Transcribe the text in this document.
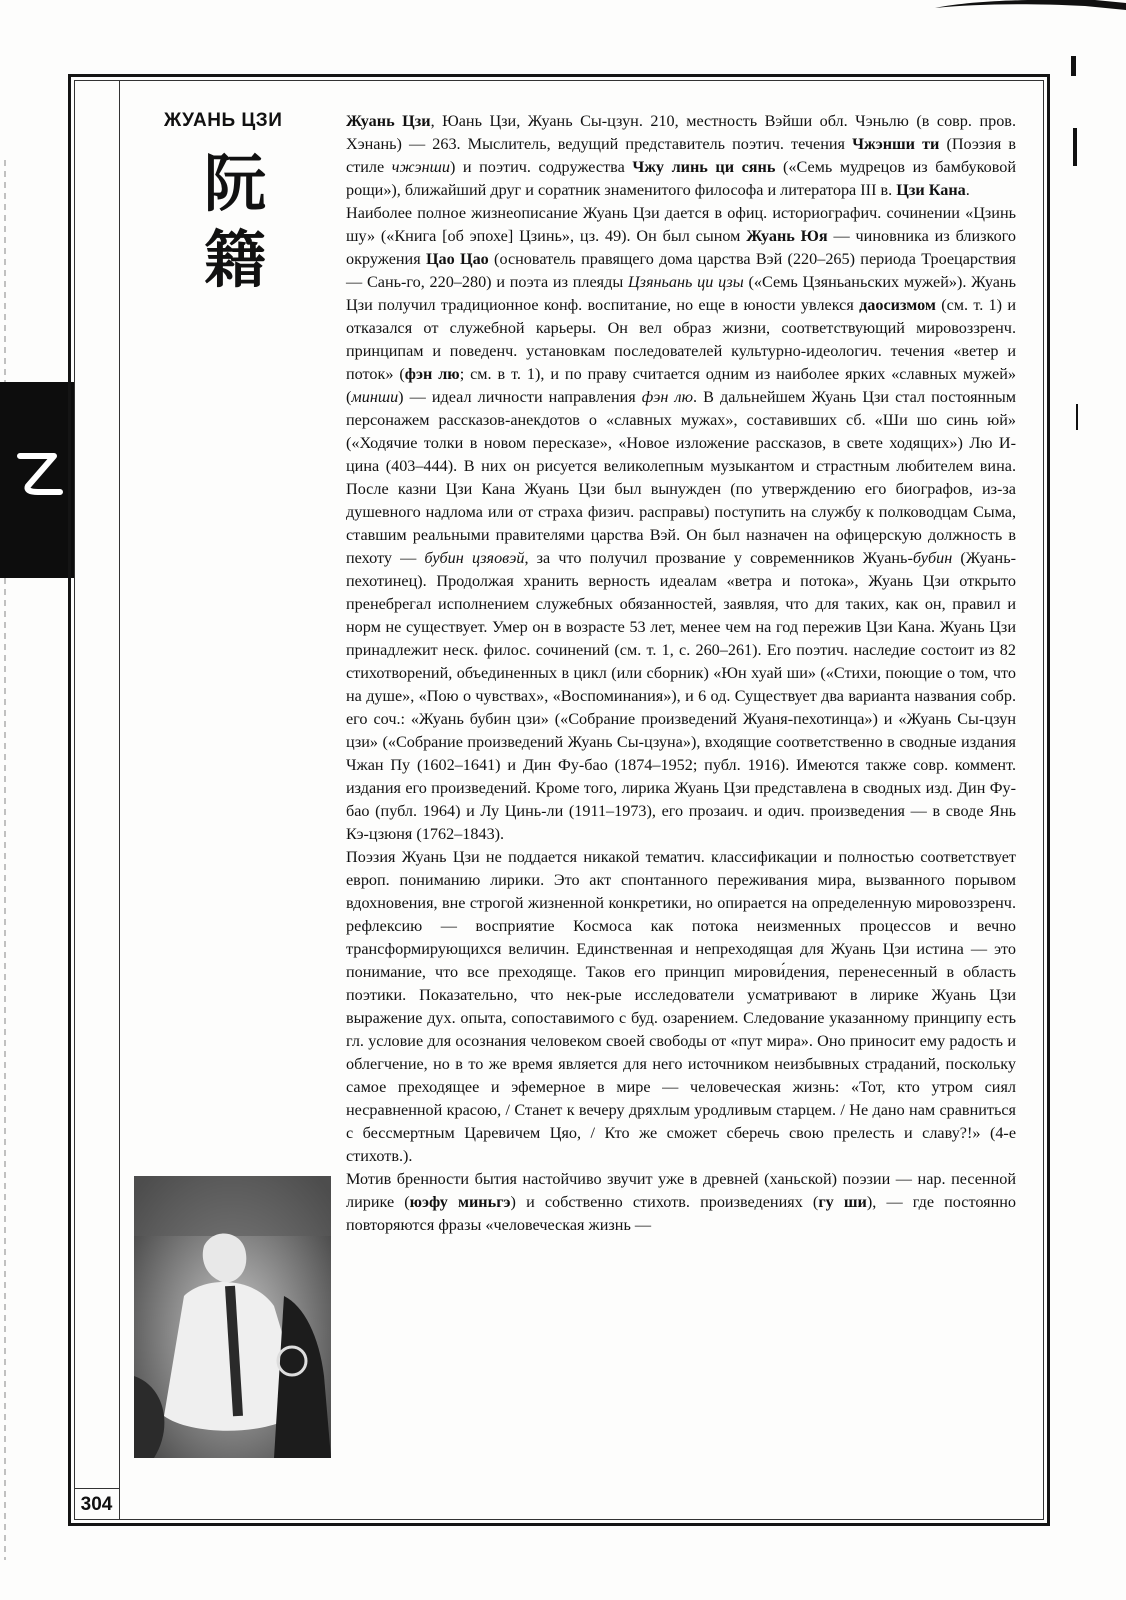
304
ЖУАНЬ ЦЗИ
阮
籍

Жуань Цзи, Юань Цзи, Жуань Сы-цзун. 210, местность Вэйши обл. Чэньлю (в совр. пров. Хэнань) — 263. Мыслитель, ведущий представитель поэтич. течения Чжэнши ти (Поэзия в стиле чжэнши) и поэтич. содружества Чжу линь ци сянь («Семь мудрецов из бамбуковой рощи»), ближайший друг и соратник знаменитого философа и литератора III в. Цзи Кана.

Наиболее полное жизнеописание Жуань Цзи дается в офиц. историографич. сочинении «Цзинь шу» («Книга [об эпохе] Цзинь», цз. 49). Он был сыном Жуань Юя — чиновника из близкого окружения Цао Цао (основатель правящего дома царства Вэй (220–265) периода Троецарствия — Сань-го, 220–280) и поэта из плеяды Цзяньань ци цзы («Семь Цзяньаньских мужей»). Жуань Цзи получил традиционное конф. воспитание, но еще в юности увлекся даосизмом (см. т. 1) и отказался от служебной карьеры. Он вел образ жизни, соответствующий мировоззренч. принципам и поведенч. установкам последователей культурно-идеологич. течения «ветер и поток» (фэн лю; см. в т. 1), и по праву считается одним из наиболее ярких «славных мужей» (минши) — идеал личности направления фэн лю. В дальнейшем Жуань Цзи стал постоянным персонажем рассказов-анекдотов о «славных мужах», составивших сб. «Ши шо синь юй» («Ходячие толки в новом пересказе», «Новое изложение рассказов, в свете ходящих») Лю И-цина (403–444). В них он рисуется великолепным музыкантом и страстным любителем вина. После казни Цзи Кана Жуань Цзи был вынужден (по утверждению его биографов, из-за душевного надлома или от страха физич. расправы) поступить на службу к полководцам Сыма, ставшим реальными правителями царства Вэй. Он был назначен на офицерскую должность в пехоту — бубин цзяовэй, за что получил прозвание у современников Жуань-бубин (Жуань-пехотинец). Продолжая хранить верность идеалам «ветра и потока», Жуань Цзи открыто пренебрегал исполнением служебных обязанностей, заявляя, что для таких, как он, правил и норм не существует. Умер он в возрасте 53 лет, менее чем на год пережив Цзи Кана. Жуань Цзи принадлежит неск. филос. сочинений (см. т. 1, с. 260–261). Его поэтич. наследие состоит из 82 стихотворений, объединенных в цикл (или сборник) «Юн хуай ши» («Стихи, поющие о том, что на душе», «Пою о чувствах», «Воспоминания»), и 6 од. Существует два варианта названия собр. его соч.: «Жуань бубин цзи» («Собрание произведений Жуаня-пехотинца») и «Жуань Сы-цзун цзи» («Собрание произведений Жуань Сы-цзуна»), входящие соответственно в сводные издания Чжан Пу (1602–1641) и Дин Фу-бао (1874–1952; публ. 1916). Имеются также совр. коммент. издания его произведений. Кроме того, лирика Жуань Цзи представлена в сводных изд. Дин Фу-бао (публ. 1964) и Лу Цинь-ли (1911–1973), его прозаич. и одич. произведения — в своде Янь Кэ-цзюня (1762–1843).

Поэзия Жуань Цзи не поддается никакой тематич. классификации и полностью соответствует европ. пониманию лирики. Это акт спонтанного переживания мира, вызванного порывом вдохновения, вне строгой жизненной конкретики, но опирается на определенную мировоззренч. рефлексию — восприятие Космоса как потока неизменных процессов и вечно трансформирующихся величин. Единственная и непреходящая для Жуань Цзи истина — это понимание, что все преходяще. Таков его принцип мирови́дения, перенесенный в область поэтики. Показательно, что нек-рые исследователи усматривают в лирике Жуань Цзи выражение дух. опыта, сопоставимого с буд. озарением. Следование указанному принципу есть гл. условие для осознания человеком своей свободы от «пут мира». Оно приносит ему радость и облегчение, но в то же время является для него источником неизбывных страданий, поскольку самое преходящее и эфемерное в мире — человеческая жизнь: «Тот, кто утром сиял несравненной красою, / Станет к вечеру дряхлым уродливым старцем. / Не дано нам сравниться с бессмертным Царевичем Цяо, / Кто же сможет сберечь свою прелесть и славу?!» (4-е стихотв.).

Мотив бренности бытия настойчиво звучит уже в древней (ханьской) поэзии — нар. песенной лирике (юэфу миньгэ) и собственно стихотв. произведениях (гу ши), — где постоянно повторяются фразы «человеческая жизнь —
